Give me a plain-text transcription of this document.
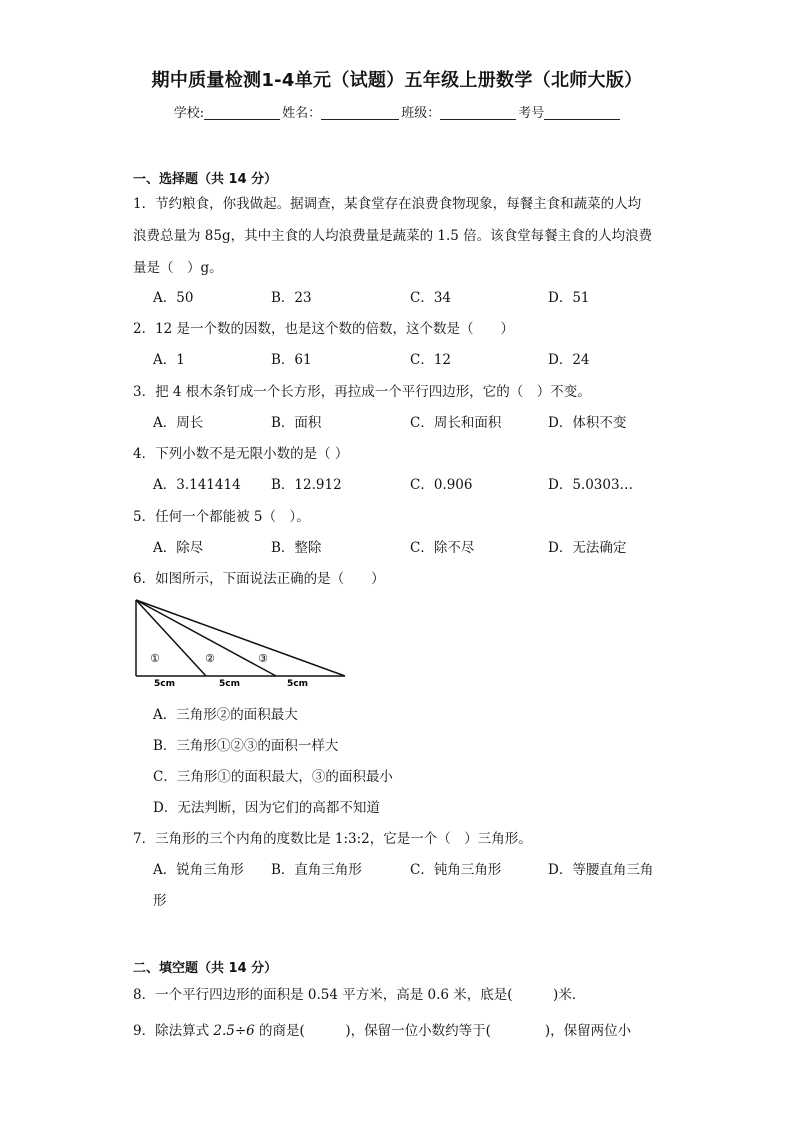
期中质量检测1-4单元（试题）五年级上册数学（北师大版）
学校:	姓名：	班级：	考号
一、选择题（共 14 分）
1．节约粮食，你我做起。据调查，某食堂存在浪费食物现象，每餐主食和蔬菜的人均
浪费总量为 85g，其中主食的人均浪费量是蔬菜的 1.5 倍。该食堂每餐主食的人均浪费
量是（　）g。
A．50	B．23	C．34	D．51
2．12 是一个数的因数，也是这个数的倍数，这个数是（　　）
A．1	B．61	C．12	D．24
3．把 4 根木条钉成一个长方形，再拉成一个平行四边形，它的（　）不变。
A．周长	B．面积	C．周长和面积	D．体积不变
4．下列小数不是无限小数的是（ ）
A．3.141414 B．12.912	C．0.906	D．5.0303…
5．任何一个都能被 5（　）。
A．除尽	B．整除	C．除不尽	D．无法确定
6．如图所示，下面说法正确的是（　　）
①	②	③
5cm	5cm	5cm
A．三角形②的面积最大
B．三角形①②③的面积一样大
C．三角形①的面积最大，③的面积最小
D．无法判断，因为它们的高都不知道
7．三角形的三个内角的度数比是 1:3:2，它是一个（　）三角形。
A．锐角三角形 B．直角三角形	C．钝角三角形	D．等腰直角三角
形
二、填空题（共 14 分）
8．一个平行四边形的面积是 0.54 平方米，高是 0.6 米，底是(　　　)米．
9．除法算式 2.5÷6 的商是(　　　)，保留一位小数约等于(　　　　)，保留两位小
